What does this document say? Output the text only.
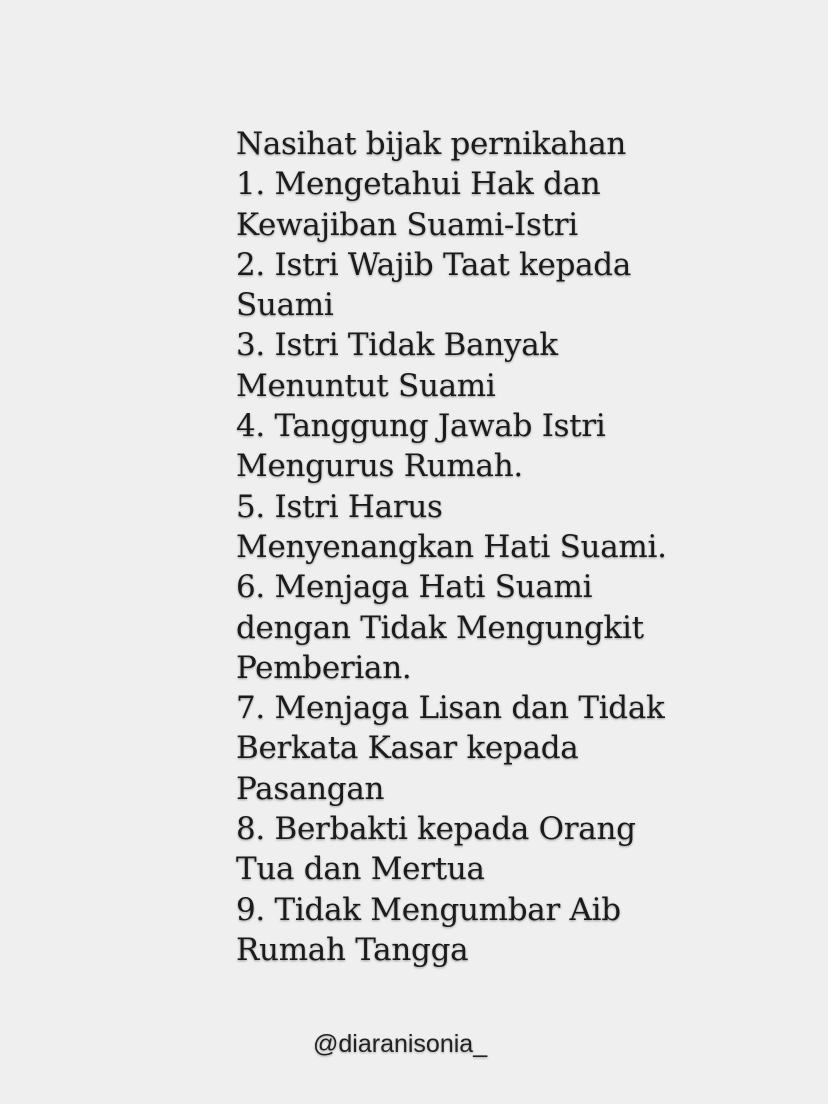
Nasihat bijak pernikahan
1. Mengetahui Hak dan
Kewajiban Suami-Istri
2. Istri Wajib Taat kepada
Suami
3. Istri Tidak Banyak
Menuntut Suami
4. Tanggung Jawab Istri
Mengurus Rumah.
5. Istri Harus
Menyenangkan Hati Suami.
6. Menjaga Hati Suami
dengan Tidak Mengungkit
Pemberian.
7. Menjaga Lisan dan Tidak
Berkata Kasar kepada
Pasangan
8. Berbakti kepada Orang
Tua dan Mertua
9. Tidak Mengumbar Aib
Rumah Tangga
@diaranisonia_
